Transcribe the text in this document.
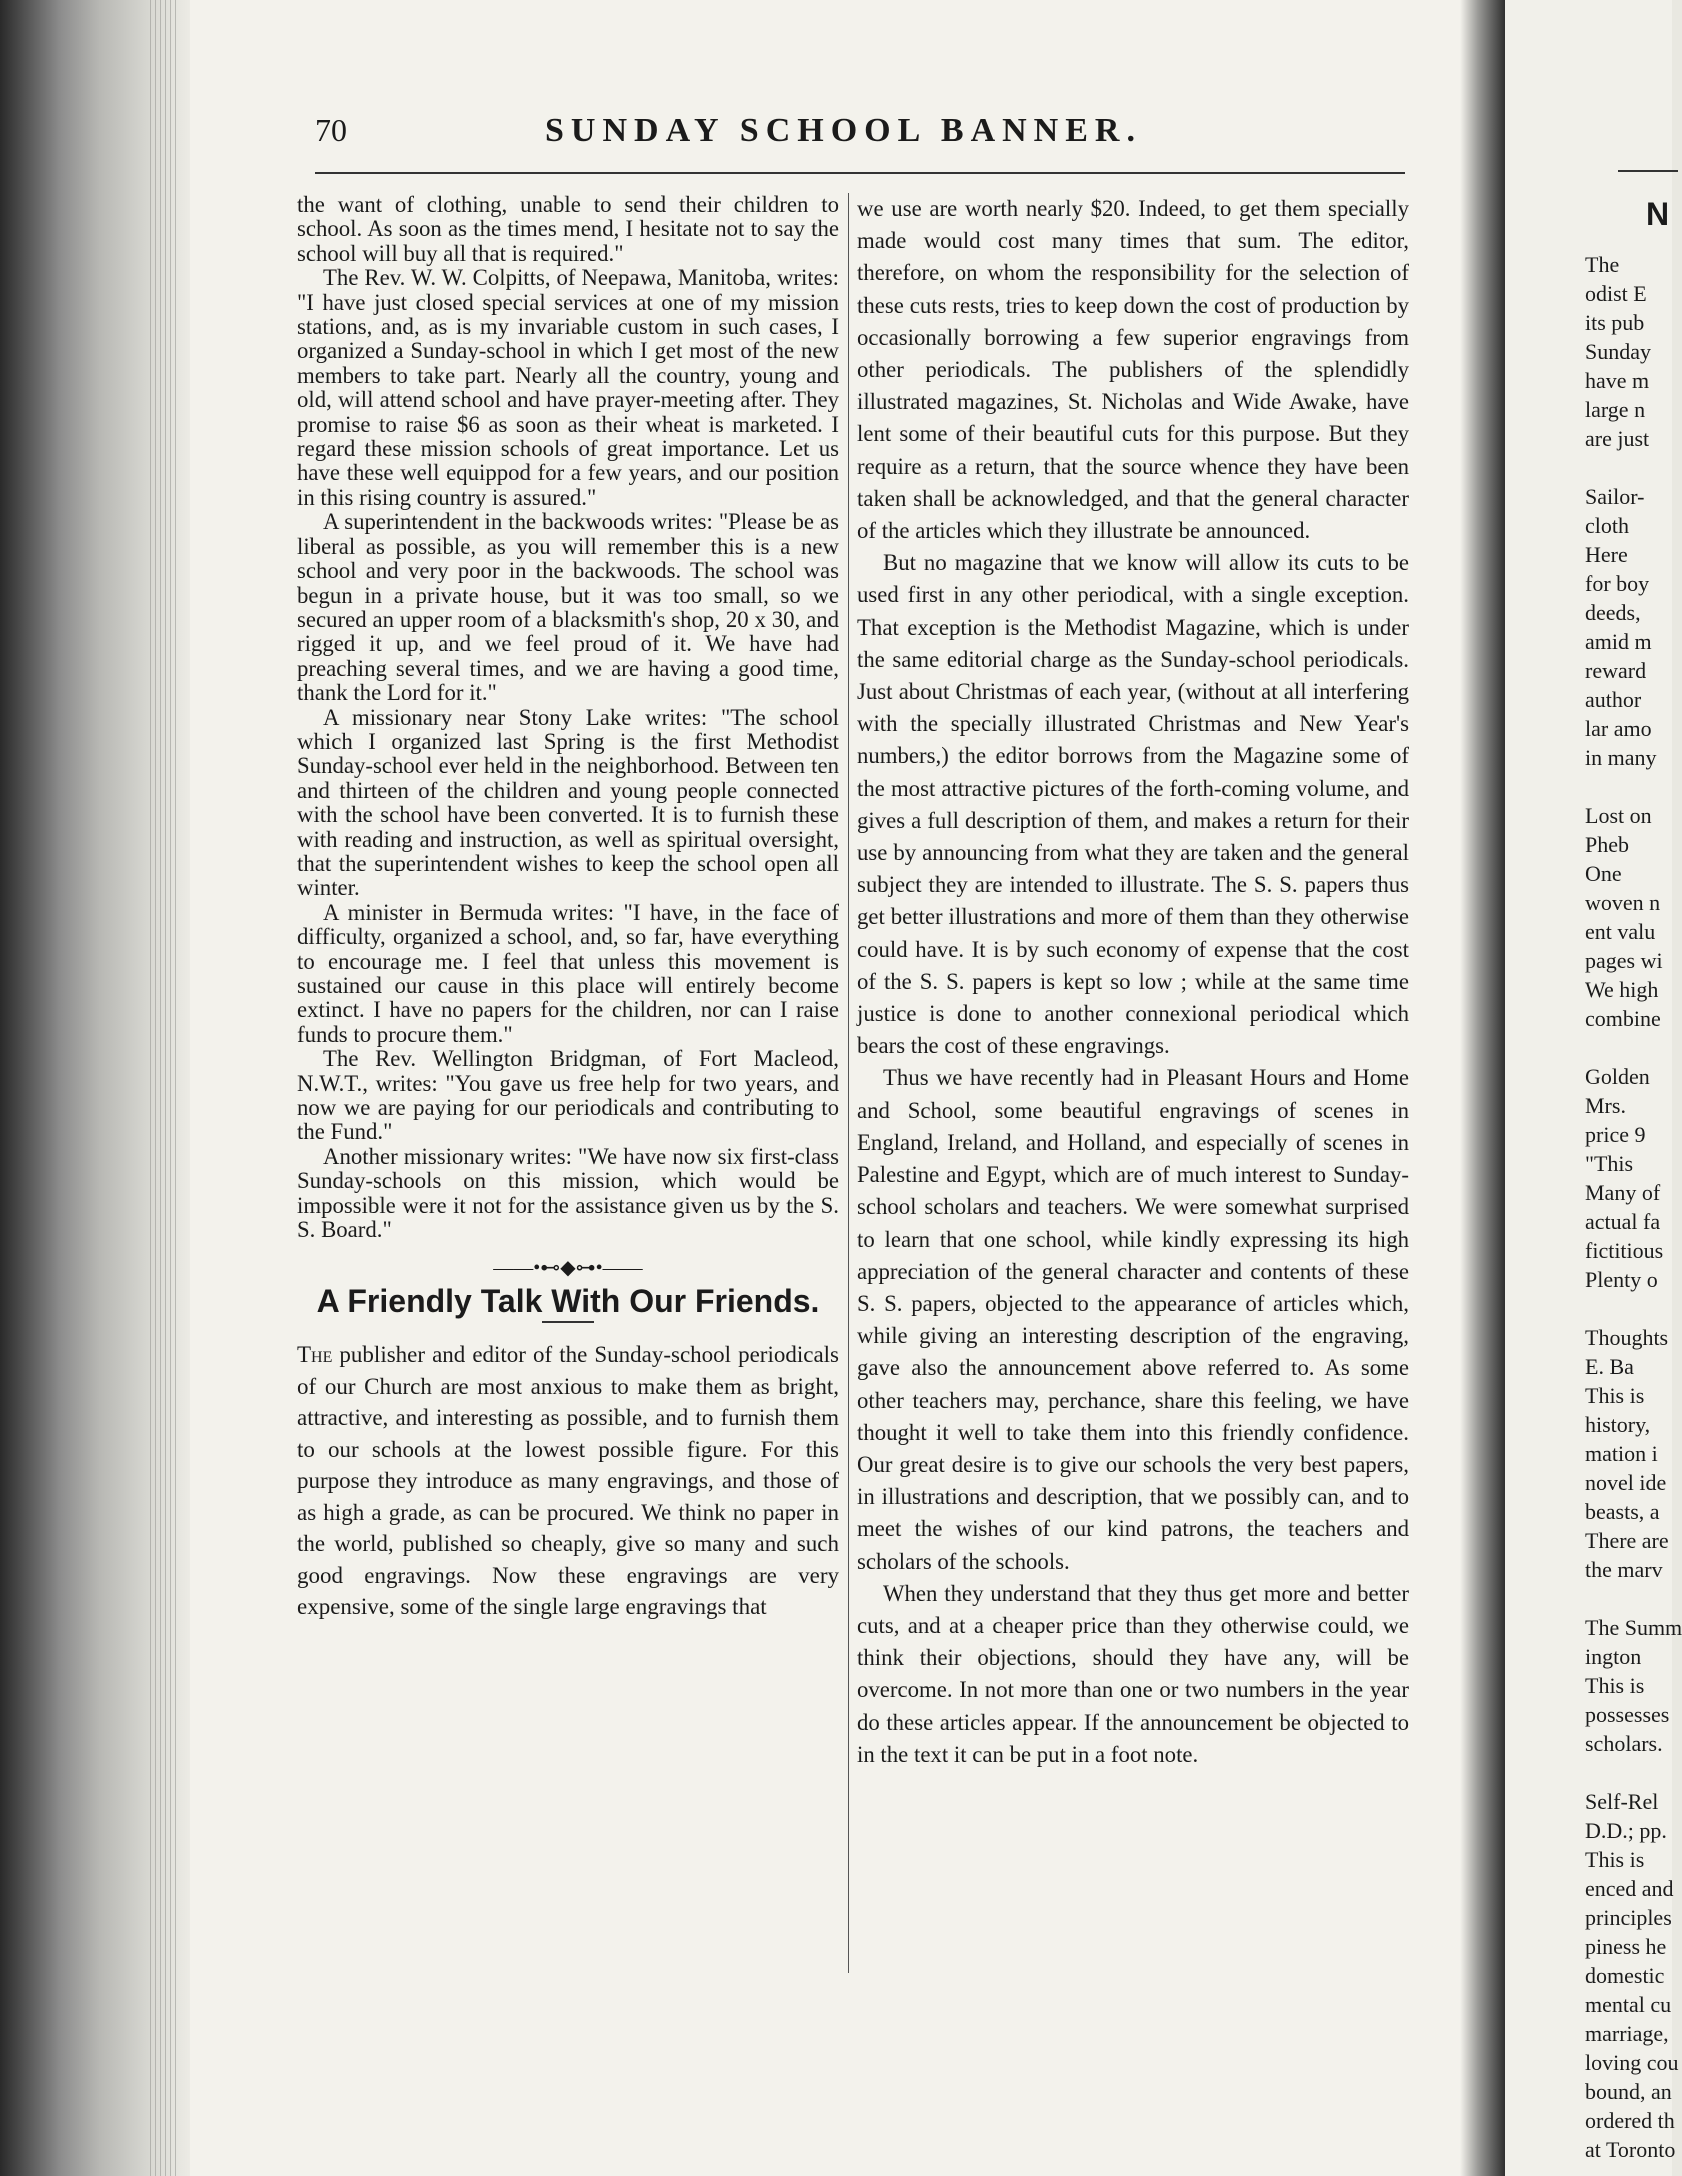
N
The
odist E
its pub
Sunday
have m
large n
are just
Sailor-
cloth
Here
for boy
deeds,
amid m
reward
author
lar amo
in many
Lost on
Pheb
One
woven n
ent valu
pages wi
We high
combine
Golden
Mrs.
price 9
"This
Many of
actual fa
fictitious
Plenty o
Thoughts
E. Ba
This is
history,
mation i
novel ide
beasts, a
There are
the marv
The Summ
ington
This is
possesses
scholars.
Self-Rel
D.D.; pp.
This is
enced and
principles
piness he
domestic
mental cu
marriage,
loving cou
bound, an
ordered th
at Toronto
70	SUNDAY SCHOOL BANNER.

the want of clothing, unable to send their children to school. As soon as the times mend, I hesitate not to say the school will buy all that is required."

The Rev. W. W. Colpitts, of Neepawa, Manitoba, writes: "I have just closed special services at one of my mission stations, and, as is my invariable custom in such cases, I organized a Sunday-school in which I get most of the new members to take part. Nearly all the country, young and old, will attend school and have prayer-meeting after. They promise to raise $6 as soon as their wheat is marketed. I regard these mission schools of great importance. Let us have these well equippod for a few years, and our position in this rising country is assured."

A superintendent in the backwoods writes: "Please be as liberal as possible, as you will remember this is a new school and very poor in the backwoods. The school was begun in a private house, but it was too small, so we secured an upper room of a blacksmith's shop, 20 x 30, and rigged it up, and we feel proud of it. We have had preaching several times, and we are having a good time, thank the Lord for it."

A missionary near Stony Lake writes: "The school which I organized last Spring is the first Methodist Sunday-school ever held in the neighborhood. Between ten and thirteen of the children and young people connected with the school have been converted. It is to furnish these with reading and instruction, as well as spiritual oversight, that the superintendent wishes to keep the school open all winter.

A minister in Bermuda writes: "I have, in the face of difficulty, organized a school, and, so far, have everything to encourage me. I feel that unless this movement is sustained our cause in this place will entirely become extinct. I have no papers for the children, nor can I raise funds to procure them."

The Rev. Wellington Bridgman, of Fort Macleod, N.W.T., writes: "You gave us free help for two years, and now we are paying for our periodicals and contributing to the Fund."

Another missionary writes: "We have now six first-class Sunday-schools on this mission, which would be impossible were it not for the assistance given us by the S. S. Board."

——•⊷◆⊶•——
A Friendly Talk With Our Friends.

The publisher and editor of the Sunday-school periodicals of our Church are most anxious to make them as bright, attractive, and interesting as possible, and to furnish them to our schools at the lowest possible figure. For this purpose they introduce as many engravings, and those of as high a grade, as can be procured. We think no paper in the world, published so cheaply, give so many and such good engravings. Now these engravings are very expensive, some of the single large engravings that

we use are worth nearly $20. Indeed, to get them specially made would cost many times that sum. The editor, therefore, on whom the responsibility for the selection of these cuts rests, tries to keep down the cost of production by occasionally borrowing a few superior engravings from other periodicals. The publishers of the splendidly illustrated magazines, St. Nicholas and Wide Awake, have lent some of their beautiful cuts for this purpose. But they require as a return, that the source whence they have been taken shall be acknowledged, and that the general character of the articles which they illustrate be announced.

But no magazine that we know will allow its cuts to be used first in any other periodical, with a single exception. That exception is the Methodist Magazine, which is under the same editorial charge as the Sunday-school periodicals. Just about Christmas of each year, (without at all interfering with the specially illustrated Christmas and New Year's numbers,) the editor borrows from the Magazine some of the most attractive pictures of the forth-coming volume, and gives a full description of them, and makes a return for their use by announcing from what they are taken and the general subject they are intended to illustrate. The S. S. papers thus get better illustrations and more of them than they otherwise could have. It is by such economy of expense that the cost of the S. S. papers is kept so low ; while at the same time justice is done to another connexional periodical which bears the cost of these engravings.

Thus we have recently had in Pleasant Hours and Home and School, some beautiful engravings of scenes in England, Ireland, and Holland, and especially of scenes in Palestine and Egypt, which are of much interest to Sunday-school scholars and teachers. We were somewhat surprised to learn that one school, while kindly expressing its high appreciation of the general character and contents of these S. S. papers, objected to the appearance of articles which, while giving an interesting description of the engraving, gave also the announcement above referred to. As some other teachers may, perchance, share this feeling, we have thought it well to take them into this friendly confidence. Our great desire is to give our schools the very best papers, in illustrations and description, that we possibly can, and to meet the wishes of our kind patrons, the teachers and scholars of the schools.

When they understand that they thus get more and better cuts, and at a cheaper price than they otherwise could, we think their objections, should they have any, will be overcome. In not more than one or two numbers in the year do these articles appear. If the announcement be objected to in the text it can be put in a foot note.
